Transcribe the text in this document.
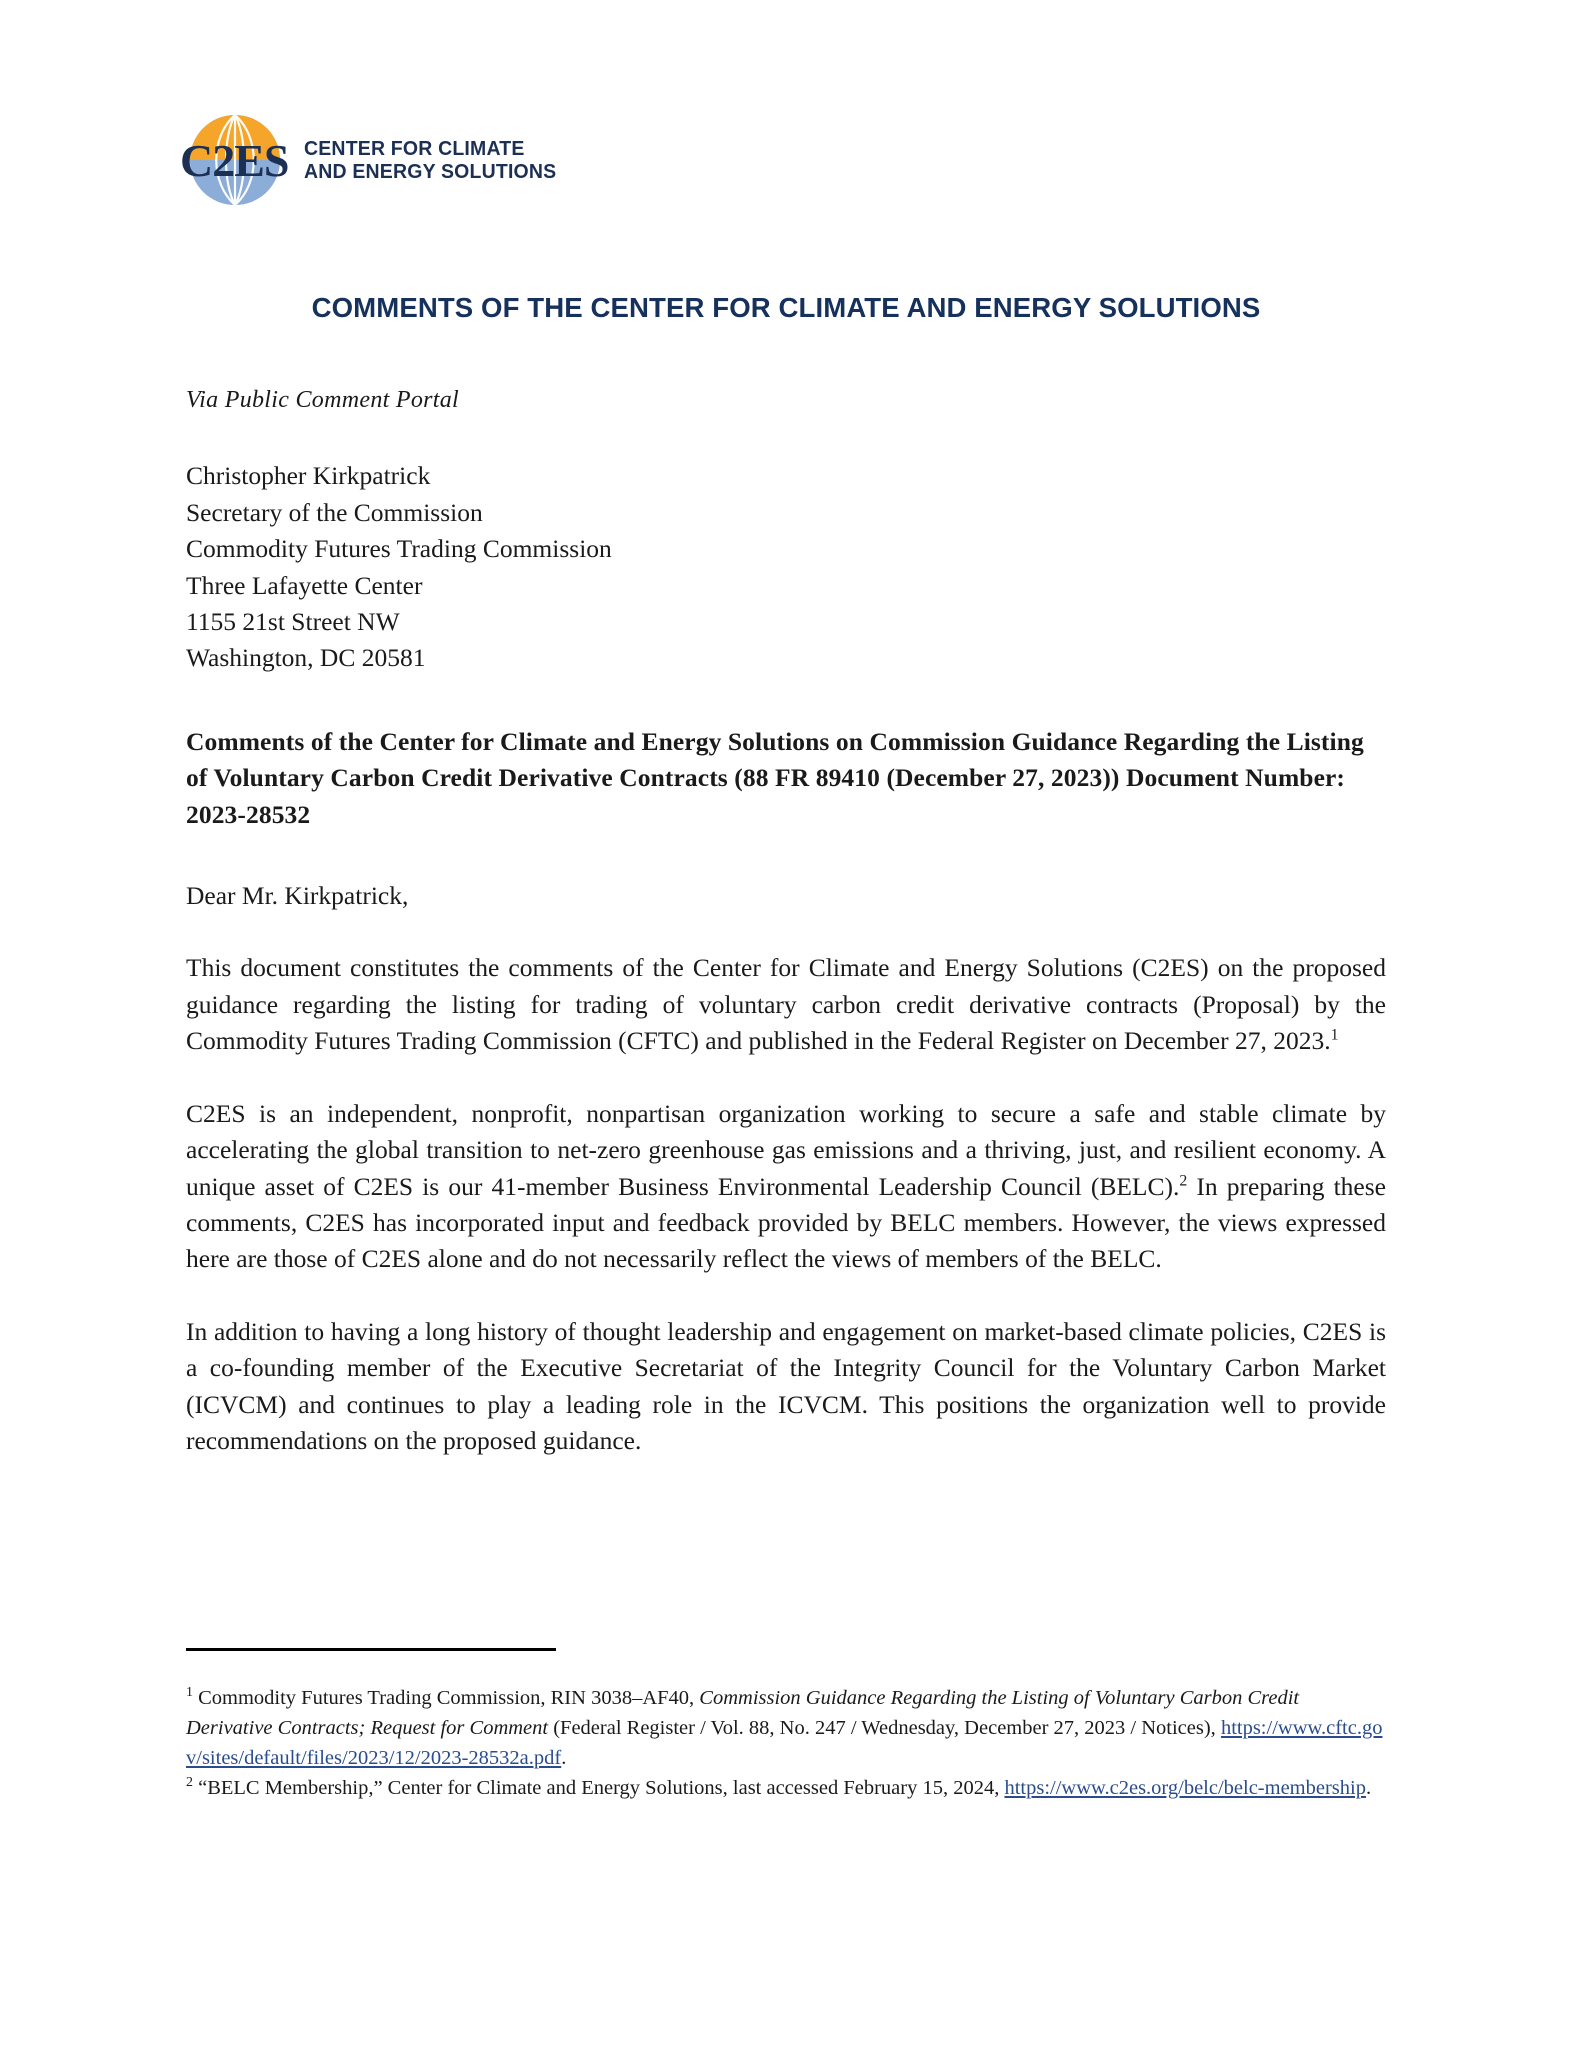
C2ES CENTER FOR CLIMATE
AND ENERGY SOLUTIONS
COMMENTS OF THE CENTER FOR CLIMATE AND ENERGY SOLUTIONS
Via Public Comment Portal
Christopher Kirkpatrick
Secretary of the Commission
Commodity Futures Trading Commission
Three Lafayette Center
1155 21st Street NW
Washington, DC 20581
Comments of the Center for Climate and Energy Solutions on Commission Guidance Regarding the Listing of Voluntary Carbon Credit Derivative Contracts (88 FR 89410 (December 27, 2023)) Document Number: 2023-28532
Dear Mr. Kirkpatrick,

This document constitutes the comments of the Center for Climate and Energy Solutions (C2ES) on the proposed guidance regarding the listing for trading of voluntary carbon credit derivative contracts (Proposal) by the Commodity Futures Trading Commission (CFTC) and published in the Federal Register on December 27, 2023.$^1$

C2ES is an independent, nonprofit, nonpartisan organization working to secure a safe and stable climate by accelerating the global transition to net-zero greenhouse gas emissions and a thriving, just, and resilient economy. A unique asset of C2ES is our 41-member Business Environmental Leadership Council (BELC).$^2$ In preparing these comments, C2ES has incorporated input and feedback provided by BELC members. However, the views expressed here are those of C2ES alone and do not necessarily reflect the views of members of the BELC.

In addition to having a long history of thought leadership and engagement on market-based climate policies, C2ES is a co-founding member of the Executive Secretariat of the Integrity Council for the Voluntary Carbon Market (ICVCM) and continues to play a leading role in the ICVCM. This positions the organization well to provide recommendations on the proposed guidance.

$^1$ Commodity Futures Trading Commission, RIN 3038–AF40, Commission Guidance Regarding the Listing of Voluntary Carbon Credit Derivative Contracts; Request for Comment (Federal Register / Vol. 88, No. 247 / Wednesday, December 27, 2023 / Notices), https://www.cftc.gov/sites/default/files/2023/12/2023-28532a.pdf.
$^2$ “BELC Membership,” Center for Climate and Energy Solutions, last accessed February 15, 2024, https://www.c2es.org/belc/belc-membership.
